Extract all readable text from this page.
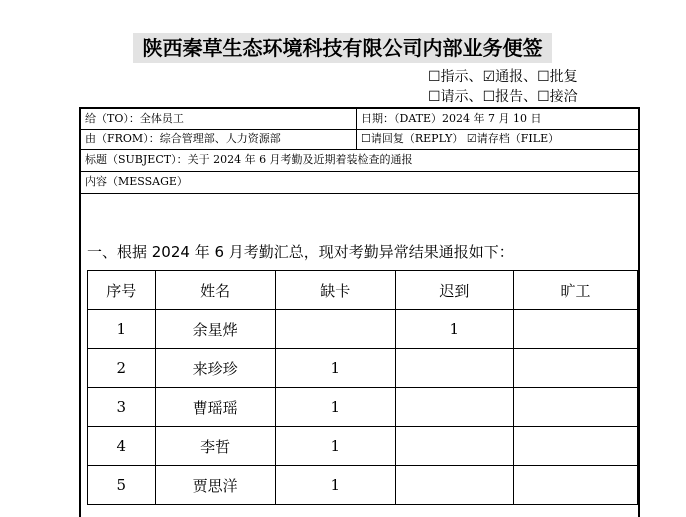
陕西秦草生态环境科技有限公司内部业务便签
☐指示、☑通报、☐批复
☐请示、☐报告、☐接洽
给（TO）：全体员工	日期：（DATE）2024 年 7 月 10 日
由（FROM）：综合管理部、人力资源部	☐请回复（REPLY） ☑请存档（FILE）
标题（SUBJECT）：关于 2024 年 6 月考勤及近期着装检查的通报
内容（MESSAGE）
一、根据 2024 年 6 月考勤汇总，现对考勤异常结果通报如下：
序号	姓名	缺卡	迟到	旷工
1	余星烨		1	
2	来珍珍	1		
3	曹瑶瑶	1		
4	李哲	1		
5	贾思洋	1		
